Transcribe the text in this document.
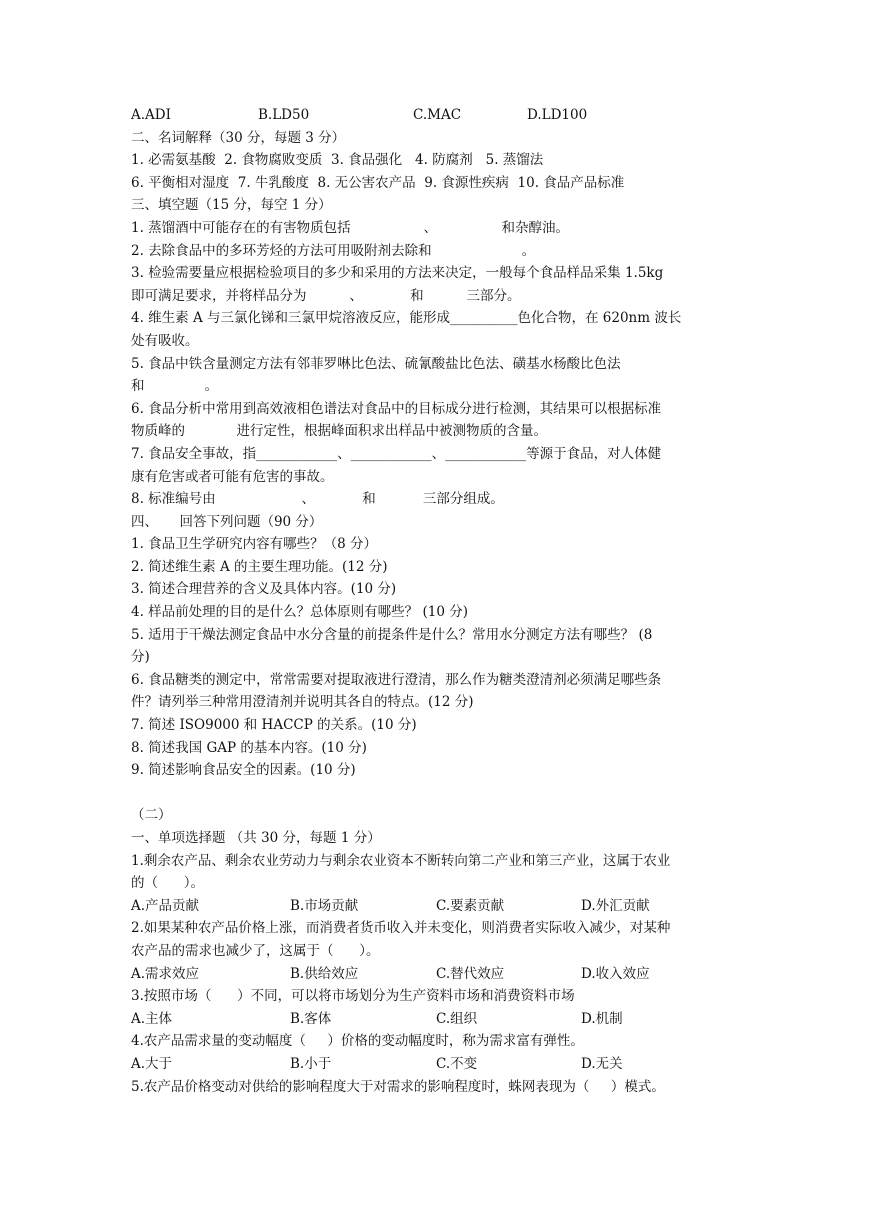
A.ADI	B.LD50	C.MAC	D.LD100
二、名词解释（30 分，每题 3 分）
1. 必需氨基酸  2. 食物腐败变质  3. 食品强化   4. 防腐剂   5. 蒸馏法
6. 平衡相对湿度  7. 牛乳酸度  8. 无公害农产品  9. 食源性疾病  10. 食品产品标准
三、填空题（15 分，每空 1 分）
1. 蒸馏酒中可能存在的有害物质包括                 、               和杂醇油。
2. 去除食品中的多环芳烃的方法可用吸附剂去除和                     。
3. 检验需要量应根据检验项目的多少和采用的方法来决定，一般每个食品样品采集 1.5kg
即可满足要求，并将样品分为          、           和          三部分。
4. 维生素 A 与三氯化锑和三氯甲烷溶液反应，能形成__________色化合物，在 620nm 波长
处有吸收。
5. 食品中铁含量测定方法有邻菲罗啉比色法、硫氰酸盐比色法、磺基水杨酸比色法
和              。
6. 食品分析中常用到高效液相色谱法对食品中的目标成分进行检测，其结果可以根据标准
物质峰的            进行定性，根据峰面积求出样品中被测物质的含量。
7. 食品安全事故，指____________、____________、____________等源于食品，对人体健
康有危害或者可能有危害的事故。
8. 标准编号由                    、           和           三部分组成。
四、     回答下列问题（90 分）
1. 食品卫生学研究内容有哪些？（8 分）
2. 简述维生素 A 的主要生理功能。(12 分)
3. 简述合理营养的含义及具体内容。(10 分)
4. 样品前处理的目的是什么？总体原则有哪些？ (10 分)
5. 适用于干燥法测定食品中水分含量的前提条件是什么？常用水分测定方法有哪些？ (8
分)
6. 食品糖类的测定中，常常需要对提取液进行澄清，那么作为糖类澄清剂必须满足哪些条
件？请列举三种常用澄清剂并说明其各自的特点。(12 分)
7. 简述 ISO9000 和 HACCP 的关系。(10 分)
8. 简述我国 GAP 的基本内容。(10 分)
9. 简述影响食品安全的因素。(10 分)
（二）
一、单项选择题 （共 30 分，每题 1 分）
1.剩余农产品、剩余农业劳动力与剩余农业资本不断转向第二产业和第三产业，这属于农业
的（      ）。
A.产品贡献	B.市场贡献	C.要素贡献	D.外汇贡献
2.如果某种农产品价格上涨，而消费者货币收入并未变化，则消费者实际收入减少，对某种
农产品的需求也减少了，这属于（      ）。
A.需求效应	B.供给效应	C.替代效应	D.收入效应
3.按照市场（      ）不同，可以将市场划分为生产资料市场和消费资料市场
A.主体	B.客体	C.组织	D.机制
4.农产品需求量的变动幅度（     ）价格的变动幅度时，称为需求富有弹性。
A.大于	B.小于	C.不变	D.无关
5.农产品价格变动对供给的影响程度大于对需求的影响程度时，蛛网表现为（     ）模式。
